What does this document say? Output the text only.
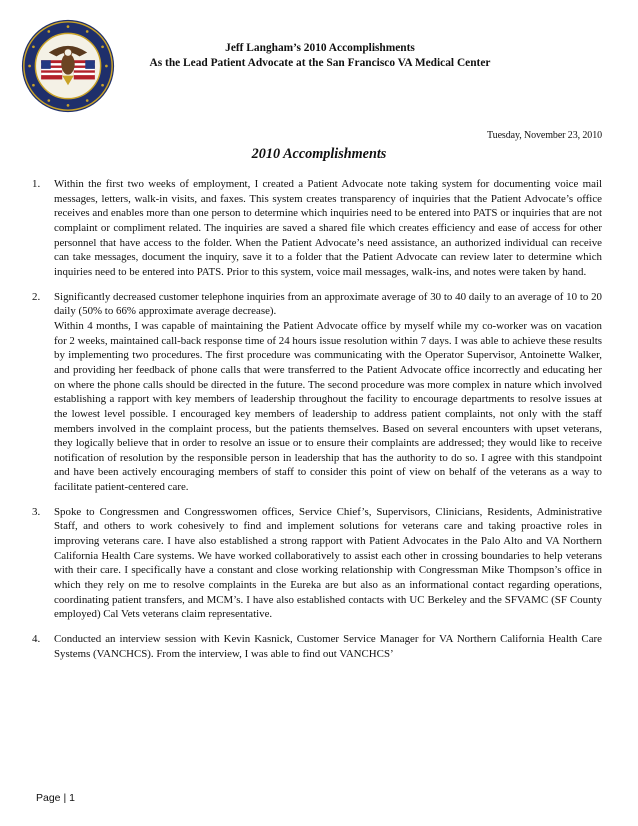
Jeff Langham’s 2010 Accomplishments
As the Lead Patient Advocate at the San Francisco VA Medical Center
Tuesday, November 23, 2010
2010 Accomplishments
1. Within the first two weeks of employment, I created a Patient Advocate note taking system for documenting voice mail messages, letters, walk-in visits, and faxes. This system creates transparency of inquiries that the Patient Advocate’s office receives and enables more than one person to determine which inquiries need to be entered into PATS or inquiries that are not complaint or compliment related. The inquiries are saved a shared file which creates efficiency and ease of access for other personnel that have access to the folder. When the Patient Advocate’s need assistance, an authorized individual can receive can take messages, document the inquiry, save it to a folder that the Patient Advocate can review later to determine which inquiries need to be entered into PATS. Prior to this system, voice mail messages, walk-ins, and notes were taken by hand.

2. Significantly decreased customer telephone inquiries from an approximate average of 30 to 40 daily to an average of 10 to 20 daily (50% to 66% approximate average decrease).

Within 4 months, I was capable of maintaining the Patient Advocate office by myself while my co-worker was on vacation for 2 weeks, maintained call-back response time of 24 hours issue resolution within 7 days. I was able to achieve these results by implementing two procedures. The first procedure was communicating with the Operator Supervisor, Antoinette Walker, and providing her feedback of phone calls that were transferred to the Patient Advocate office incorrectly and educating her on where the phone calls should be directed in the future. The second procedure was more complex in nature which involved establishing a rapport with key members of leadership throughout the facility to encourage departments to resolve issues at the lowest level possible. I encouraged key members of leadership to address patient complaints, not only with the staff members involved in the complaint process, but the patients themselves. Based on several encounters with upset veterans, they logically believe that in order to resolve an issue or to ensure their complaints are addressed; they would like to receive notification of resolution by the responsible person in leadership that has the authority to do so. I agree with this standpoint and have been actively encouraging members of staff to consider this point of view on behalf of the veterans as a way to facilitate patient-centered care.

3. Spoke to Congressmen and Congresswomen offices, Service Chief’s, Supervisors, Clinicians, Residents, Administrative Staff, and others to work cohesively to find and implement solutions for veterans care and taking proactive roles in improving veterans care. I have also established a strong rapport with Patient Advocates in the Palo Alto and VA Northern California Health Care systems. We have worked collaboratively to assist each other in crossing boundaries to help veterans with their care. I specifically have a constant and close working relationship with Congressman Mike Thompson’s office in which they rely on me to resolve complaints in the Eureka are but also as an informational contact regarding operations, coordinating patient transfers, and MCM’s. I have also established contacts with UC Berkeley and the SFVAMC (SF County employed) Cal Vets veterans claim representative.

4. Conducted an interview session with Kevin Kasnick, Customer Service Manager for VA Northern California Health Care Systems (VANCHCS). From the interview, I was able to find out VANCHCS’

Page | 1
